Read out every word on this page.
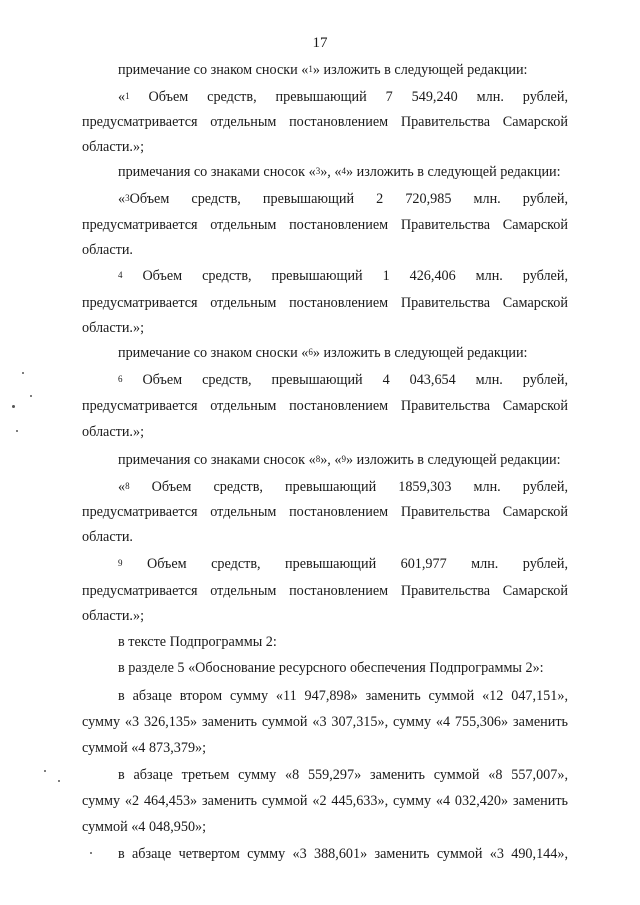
17
примечание со знаком сноски «$^1$» изложить в следующей редакции:
«$^1$ Объем средств, превышающий 7 549,240 млн. рублей,
предусматривается отдельным постановлением Правительства Самарской
области.»;
примечания со знаками сносок «$^3$», «$^4$» изложить в следующей редакции:
«$^3$Объем средств, превышающий 2 720,985 млн. рублей,
предусматривается отдельным постановлением Правительства Самарской
области.
$^4$ Объем средств, превышающий 1 426,406 млн. рублей,
предусматривается отдельным постановлением Правительства Самарской
области.»;
примечание со знаком сноски «$^6$» изложить в следующей редакции:
$^6$ Объем средств, превышающий 4 043,654 млн. рублей,
предусматривается отдельным постановлением Правительства Самарской
области.»;
примечания со знаками сносок «$^8$», «$^9$» изложить в следующей редакции:
«$^8$ Объем средств, превышающий 1859,303 млн. рублей,
предусматривается отдельным постановлением Правительства Самарской
области.
$^9$ Объем средств, превышающий 601,977 млн. рублей,
предусматривается отдельным постановлением Правительства Самарской
области.»;
в тексте Подпрограммы 2:
в разделе 5 «Обоснование ресурсного обеспечения Подпрограммы 2»:
в абзаце втором сумму «11 947,898» заменить суммой «12 047,151»,
сумму «3 326,135» заменить суммой «3 307,315», сумму «4 755,306» заменить
суммой «4 873,379»;
в абзаце третьем сумму «8 559,297» заменить суммой «8 557,007»,
сумму «2 464,453» заменить суммой «2 445,633», сумму «4 032,420» заменить
суммой «4 048,950»;
в абзаце четвертом сумму «3 388,601» заменить суммой «3 490,144»,
